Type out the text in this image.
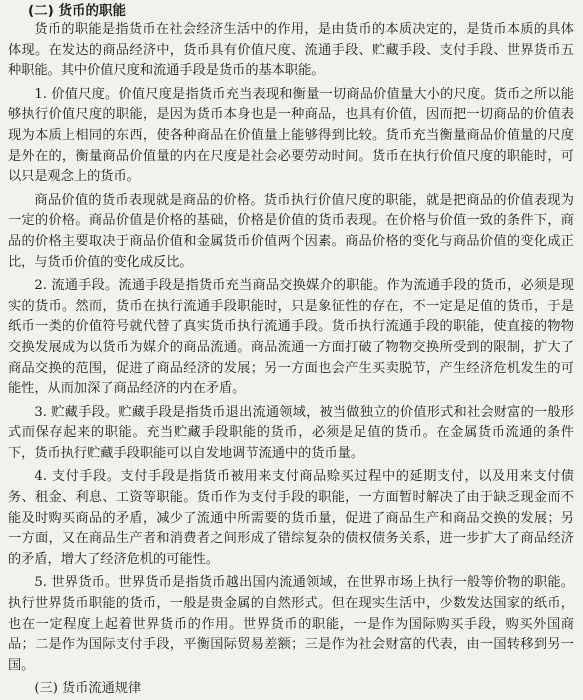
(二) 货币的职能

货币的职能是指货币在社会经济生活中的作用，是由货币的本质决定的，是货币本质的具体体现。在发达的商品经济中，货币具有价值尺度、流通手段、贮藏手段、支付手段、世界货币五种职能。其中价值尺度和流通手段是货币的基本职能。

1. 价值尺度。价值尺度是指货币充当表现和衡量一切商品价值量大小的尺度。货币之所以能够执行价值尺度的职能，是因为货币本身也是一种商品，也具有价值，因而把一切商品的价值表现为本质上相同的东西，使各种商品在价值量上能够得到比较。货币充当衡量商品价值量的尺度是外在的，衡量商品价值量的内在尺度是社会必要劳动时间。货币在执行价值尺度的职能时，可以只是观念上的货币。

商品价值的货币表现就是商品的价格。货币执行价值尺度的职能，就是把商品的价值表现为一定的价格。商品价值是价格的基础，价格是价值的货币表现。在价格与价值一致的条件下，商品的价格主要取决于商品价值和金属货币价值两个因素。商品价格的变化与商品价值的变化成正比，与货币价值的变化成反比。

2. 流通手段。流通手段是指货币充当商品交换媒介的职能。作为流通手段的货币，必须是现实的货币。然而，货币在执行流通手段职能时，只是象征性的存在，不一定是足值的货币，于是纸币一类的价值符号就代替了真实货币执行流通手段。货币执行流通手段的职能，使直接的物物交换发展成为以货币为媒介的商品流通。商品流通一方面打破了物物交换所受到的限制，扩大了商品交换的范围，促进了商品经济的发展；另一方面也会产生买卖脱节，产生经济危机发生的可能性，从而加深了商品经济的内在矛盾。

3. 贮藏手段。贮藏手段是指货币退出流通领域，被当做独立的价值形式和社会财富的一般形式而保存起来的职能。充当贮藏手段职能的货币，必须是足值的货币。在金属货币流通的条件下，货币执行贮藏手段职能可以自发地调节流通中的货币量。

4. 支付手段。支付手段是指货币被用来支付商品赊买过程中的延期支付，以及用来支付债务、租金、利息、工资等职能。货币作为支付手段的职能，一方面暂时解决了由于缺乏现金而不能及时购买商品的矛盾，减少了流通中所需要的货币量，促进了商品生产和商品交换的发展；另一方面，又在商品生产者和消费者之间形成了错综复杂的债权债务关系，进一步扩大了商品经济的矛盾，增大了经济危机的可能性。

5. 世界货币。世界货币是指货币越出国内流通领域，在世界市场上执行一般等价物的职能。执行世界货币职能的货币，一般是贵金属的自然形式。但在现实生活中，少数发达国家的纸币，也在一定程度上起着世界货币的作用。世界货币的职能，一是作为国际购买手段，购买外国商品；二是作为国际支付手段，平衡国际贸易差额；三是作为社会财富的代表，由一国转移到另一国。

(三) 货币流通规律
